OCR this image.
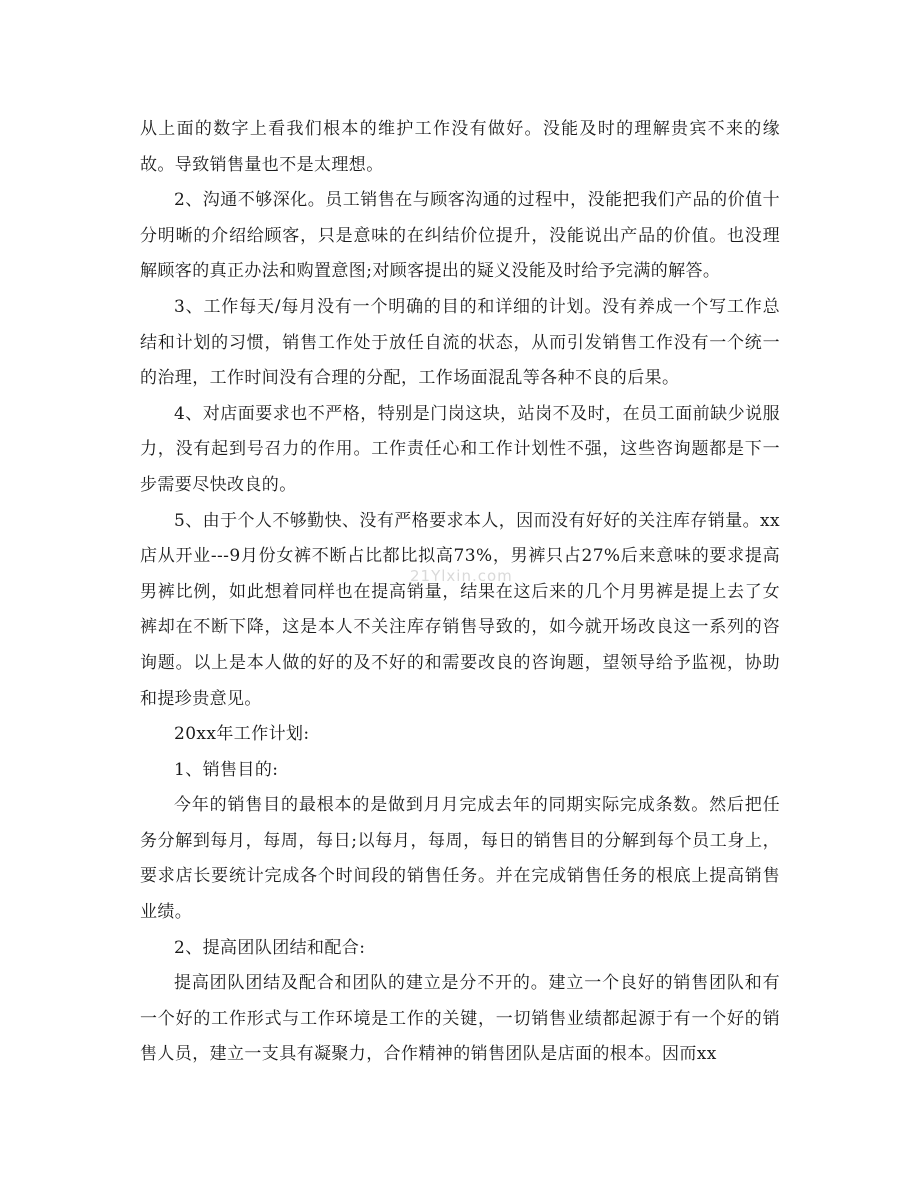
从上面的数字上看我们根本的维护工作没有做好。没能及时的理解贵宾不来的缘故。导致销售量也不是太理想。

2、沟通不够深化。员工销售在与顾客沟通的过程中，没能把我们产品的价值十分明晰的介绍给顾客，只是意味的在纠结价位提升，没能说出产品的价值。也没理解顾客的真正办法和购置意图;对顾客提出的疑义没能及时给予完满的解答。

3、工作每天/每月没有一个明确的目的和详细的计划。没有养成一个写工作总结和计划的习惯，销售工作处于放任自流的状态，从而引发销售工作没有一个统一的治理，工作时间没有合理的分配，工作场面混乱等各种不良的后果。

4、对店面要求也不严格，特别是门岗这块，站岗不及时，在员工面前缺少说服力，没有起到号召力的作用。工作责任心和工作计划性不强，这些咨询题都是下一步需要尽快改良的。

5、由于个人不够勤快、没有严格要求本人，因而没有好好的关注库存销量。xx店从开业---9月份女裤不断占比都比拟高73%，男裤只占27%后来意味的要求提高男裤比例，如此想着同样也在提高销量，结果在这后来的几个月男裤是提上去了女裤却在不断下降，这是本人不关注库存销售导致的，如今就开场改良这一系列的咨询题。以上是本人做的好的及不好的和需要改良的咨询题，望领导给予监视，协助和提珍贵意见。

20xx年工作计划:

1、销售目的:

今年的销售目的最根本的是做到月月完成去年的同期实际完成条数。然后把任务分解到每月，每周，每日;以每月，每周，每日的销售目的分解到每个员工身上，要求店长要统计完成各个时间段的销售任务。并在完成销售任务的根底上提高销售业绩。

2、提高团队团结和配合:

提高团队团结及配合和团队的建立是分不开的。建立一个良好的销售团队和有一个好的工作形式与工作环境是工作的关键，一切销售业绩都起源于有一个好的销售人员，建立一支具有凝聚力，合作精神的销售团队是店面的根本。因而xx

21Ylxin.com
